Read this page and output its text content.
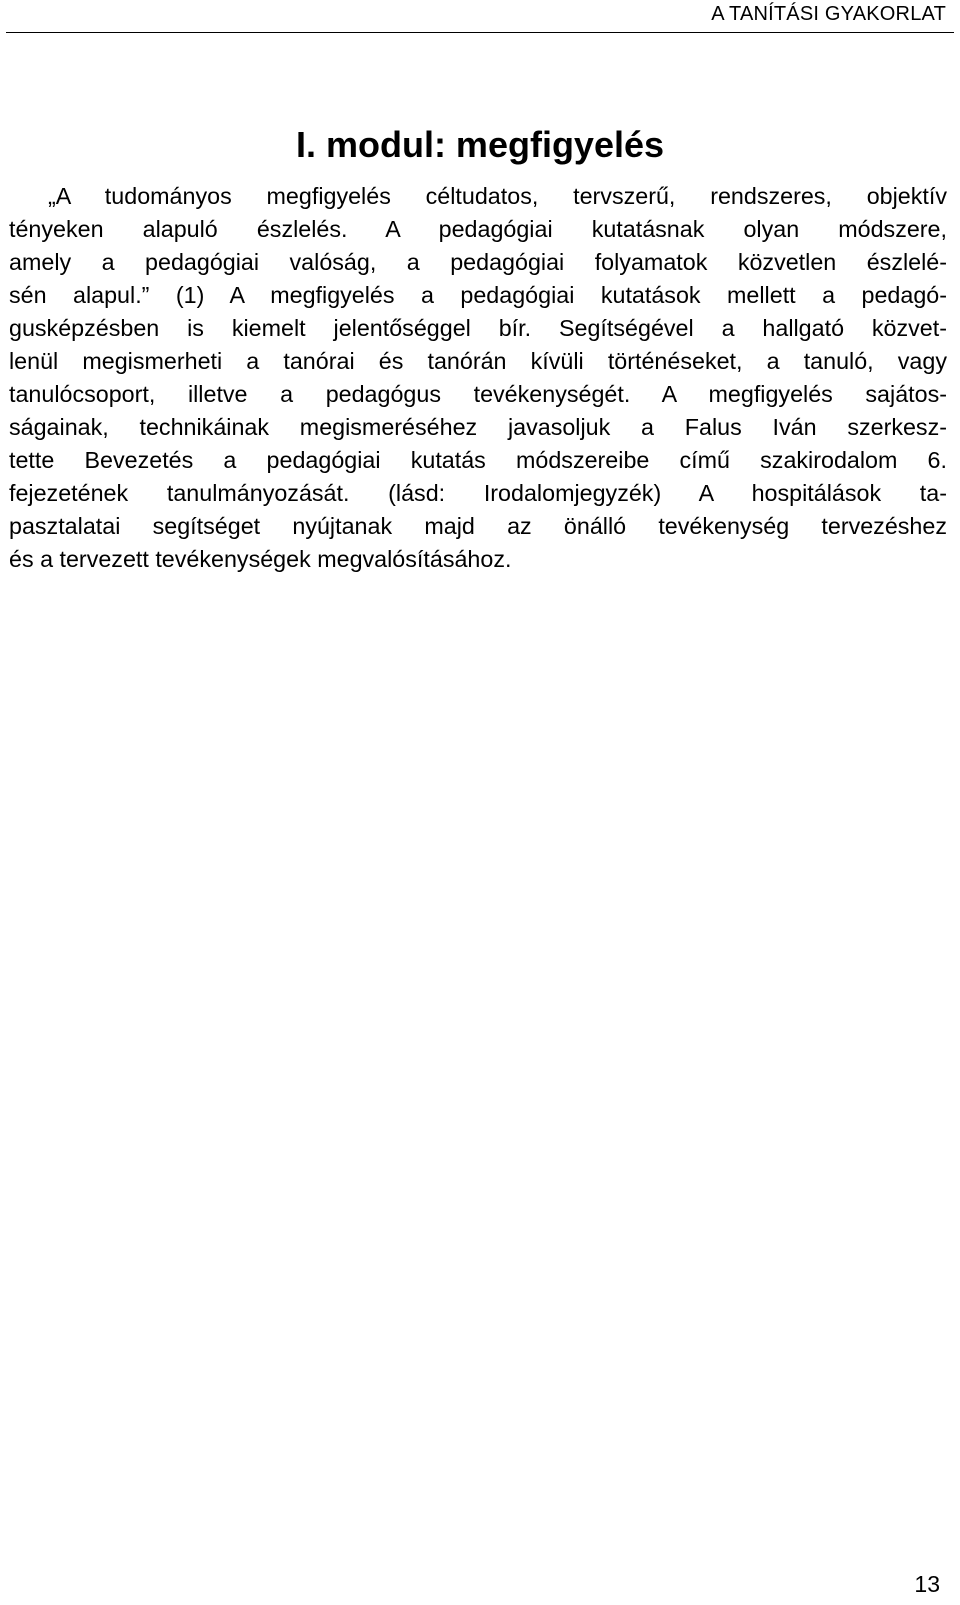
A TANÍTÁSI GYAKORLAT
I. modul: megfigyelés
„A tudományos megfigyelés céltudatos, tervszerű, rendszeres, objektív
tényeken alapuló észlelés. A pedagógiai kutatásnak olyan módszere,
amely a pedagógiai valóság, a pedagógiai folyamatok közvetlen észlelé-
sén alapul.” (1) A megfigyelés a pedagógiai kutatások mellett a pedagó-
gusképzésben is kiemelt jelentőséggel bír. Segítségével a hallgató közvet-
lenül megismerheti a tanórai és tanórán kívüli történéseket, a tanuló, vagy
tanulócsoport, illetve a pedagógus tevékenységét. A megfigyelés sajátos-
ságainak, technikáinak megismeréséhez javasoljuk a Falus Iván szerkesz-
tette Bevezetés a pedagógiai kutatás módszereibe című szakirodalom 6.
fejezetének tanulmányozását. (lásd: Irodalomjegyzék) A hospitálások ta-
pasztalatai segítséget nyújtanak majd az önálló tevékenység tervezéshez
és a tervezett tevékenységek megvalósításához.
13
